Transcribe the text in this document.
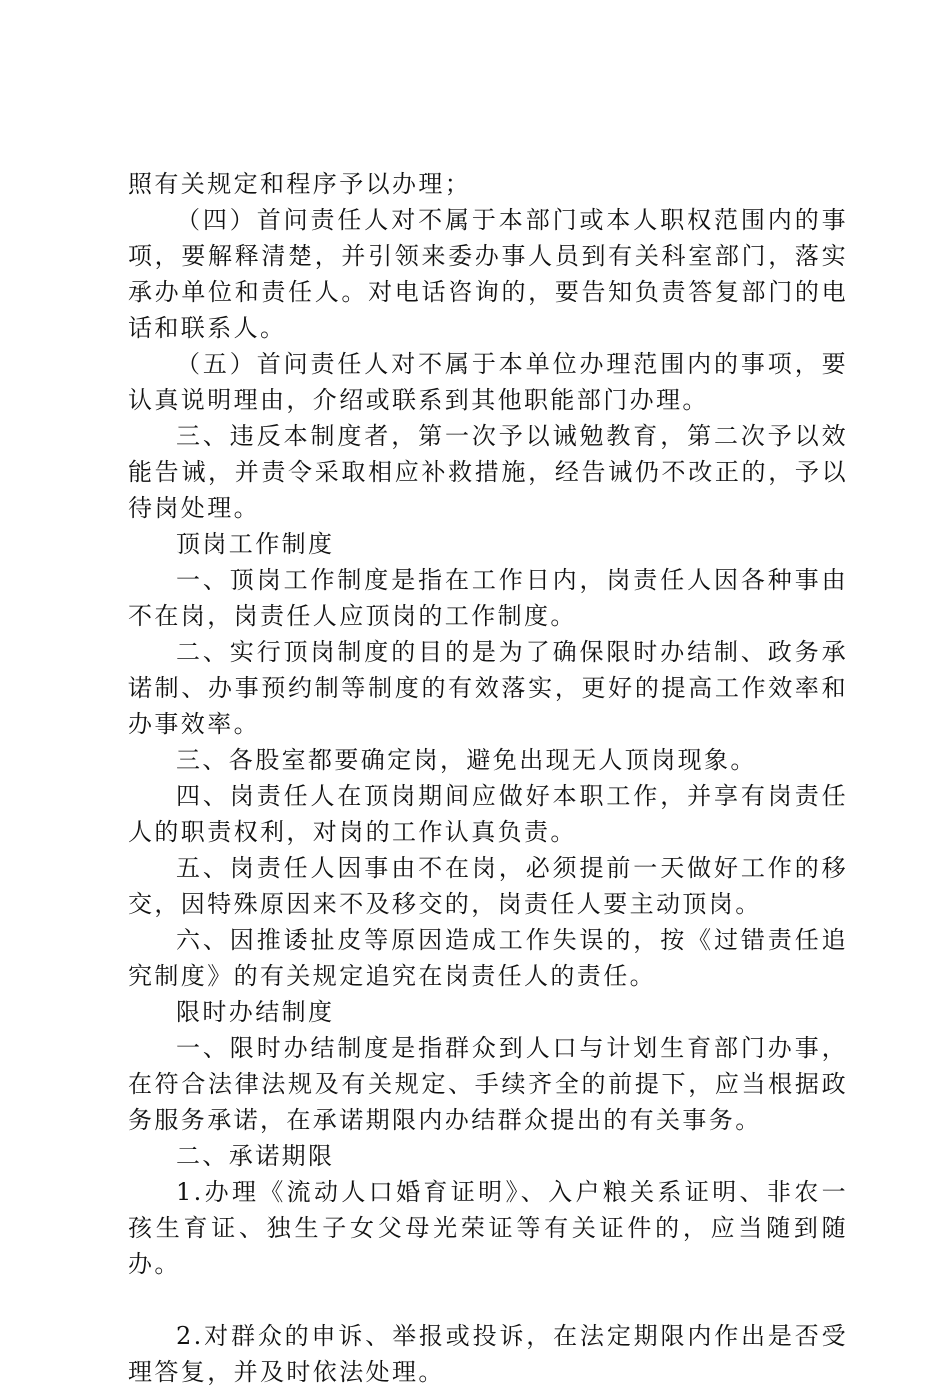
照有关规定和程序予以办理；

（四）首问责任人对不属于本部门或本人职权范围内的事项，要解释清楚，并引领来委办事人员到有关科室部门，落实承办单位和责任人。对电话咨询的，要告知负责答复部门的电话和联系人。

（五）首问责任人对不属于本单位办理范围内的事项，要认真说明理由，介绍或联系到其他职能部门办理。

三、违反本制度者，第一次予以诫勉教育，第二次予以效能告诫，并责令采取相应补救措施，经告诫仍不改正的，予以待岗处理。

顶岗工作制度

一、顶岗工作制度是指在工作日内，岗责任人因各种事由不在岗，岗责任人应顶岗的工作制度。

二、实行顶岗制度的目的是为了确保限时办结制、政务承诺制、办事预约制等制度的有效落实，更好的提高工作效率和办事效率。

三、各股室都要确定岗，避免出现无人顶岗现象。

四、岗责任人在顶岗期间应做好本职工作，并享有岗责任人的职责权利，对岗的工作认真负责。

五、岗责任人因事由不在岗，必须提前一天做好工作的移交，因特殊原因来不及移交的，岗责任人要主动顶岗。

六、因推诿扯皮等原因造成工作失误的，按《过错责任追究制度》的有关规定追究在岗责任人的责任。

限时办结制度

一、限时办结制度是指群众到人口与计划生育部门办事，在符合法律法规及有关规定、手续齐全的前提下，应当根据政务服务承诺，在承诺期限内办结群众提出的有关事务。

二、承诺期限

1.办理《流动人口婚育证明》、入户粮关系证明、非农一孩生育证、独生子女父母光荣证等有关证件的，应当随到随办。

2.对群众的申诉、举报或投诉，在法定期限内作出是否受理答复，并及时依法处理。
